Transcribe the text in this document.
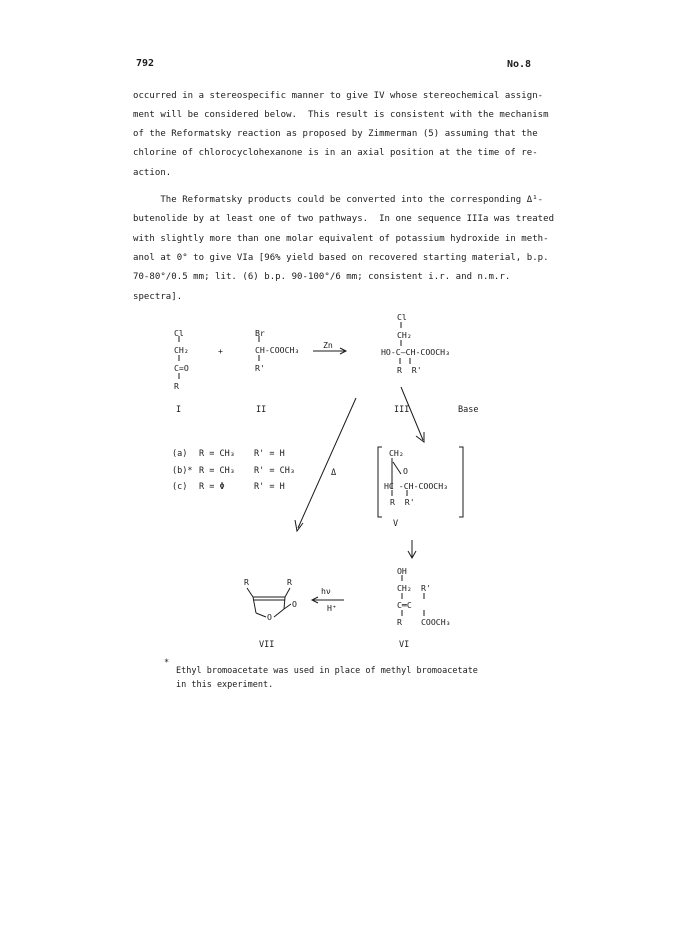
792	No.8
occurred in a stereospecific manner to give IV whose stereochemical assign-
ment will be considered below.  This result is consistent with the mechanism
of the Reformatsky reaction as proposed by Zimmerman (5) assuming that the
chlorine of chlorocyclohexanone is in an axial position at the time of re-
action.
The Reformatsky products could be converted into the corresponding Δ¹-
butenolide by at least one of two pathways.  In one sequence IIIa was treated
with slightly more than one molar equivalent of potassium hydroxide in meth-
anol at 0° to give VIa [96% yield based on recovered starting material, b.p.
70-80°/0.5 mm; lit. (6) b.p. 90-100°/6 mm; consistent i.r. and n.m.r.
spectra].
Cl
CH₂
C=O
R
I
+
Br
CH-COOCH₃
R'
II
Zn
Cl
CH₂
HO-C—CH-COOCH₃
R  R'
III	Base
Δ
(a) R = CH₃ R' = H
(b)* R = CH₃ R' = CH₃
(c) R = Φ	R' = H
CH₂
O
HC -CH-COOCH₃
R  R'
V
OH
CH₂ R'
C═C
R COOCH₃
VI
hν
H⁺
R	R
O
O
VII
*
Ethyl bromoacetate was used in place of methyl bromoacetate
in this experiment.
